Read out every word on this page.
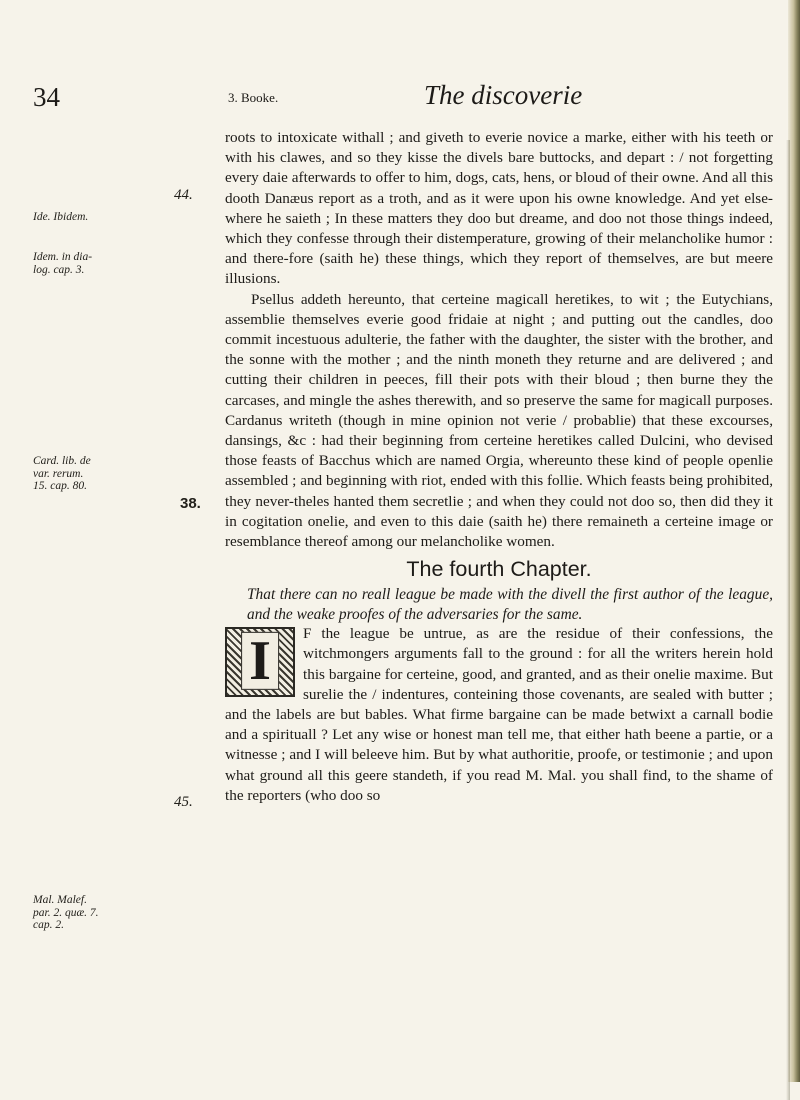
34	3. Booke.	The discoverie
44.
Ide. Ibidem.
Idem. in dia-
log. cap. 3.
Card. lib. de
var. rerum.
15. cap. 80.
38.
45.
Mal. Malef.
par. 2. quæ. 7.
cap. 2.

roots to intoxicate withall ; and giveth to everie novice a marke, either with his teeth or with his clawes, and so they kisse the divels bare buttocks, and depart : / not forgetting every daie afterwards to offer to him, dogs, cats, hens, or bloud of their owne. And all this dooth Danæus report as a troth, and as it were upon his owne knowledge. And yet else-where he saieth ; In these matters they doo but dreame, and doo not those things indeed, which they confesse through their distemperature, growing of their melancholike humor : and there-fore (saith he) these things, which they report of themselves, are but meere illusions.

Psellus addeth hereunto, that certeine magicall heretikes, to wit ; the Eutychians, assemblie themselves everie good fridaie at night ; and putting out the candles, doo commit incestuous adulterie, the father with the daughter, the sister with the brother, and the sonne with the mother ; and the ninth moneth they returne and are delivered ; and cutting their children in peeces, fill their pots with their bloud ; then burne they the carcases, and mingle the ashes therewith, and so preserve the same for magicall purposes. Cardanus writeth (though in mine opinion not verie / probablie) that these excourses, dansings, &c : had their beginning from certeine heretikes called Dulcini, who devised those feasts of Bacchus which are named Orgia, whereunto these kind of people openlie assembled ; and beginning with riot, ended with this follie. Which feasts being prohibited, they never-theles hanted them secretlie ; and when they could not doo so, then did they it in cogitation onelie, and even to this daie (saith he) there remaineth a certeine image or resemblance thereof among our melancholike women.

The fourth Chapter.

That there can no reall league be made with the divell the first author of the league, and the weake proofes of the adversaries for the same.

I	F the league be untrue, as are the residue of their confessions, the witchmongers arguments fall to the ground : for all the writers herein hold this bargaine for certeine, good, and granted, and as their onelie maxime. But surelie the / indentures, conteining those covenants, are sealed with butter ; and the labels are but bables. What firme bargaine can be made betwixt a carnall bodie and a spirituall ? Let any wise or honest man tell me, that either hath beene a partie, or a witnesse ; and I will beleeve him. But by what authoritie, proofe, or testimonie ; and upon what ground all this geere standeth, if you read M. Mal. you shall find, to the shame of the reporters (who doo so
